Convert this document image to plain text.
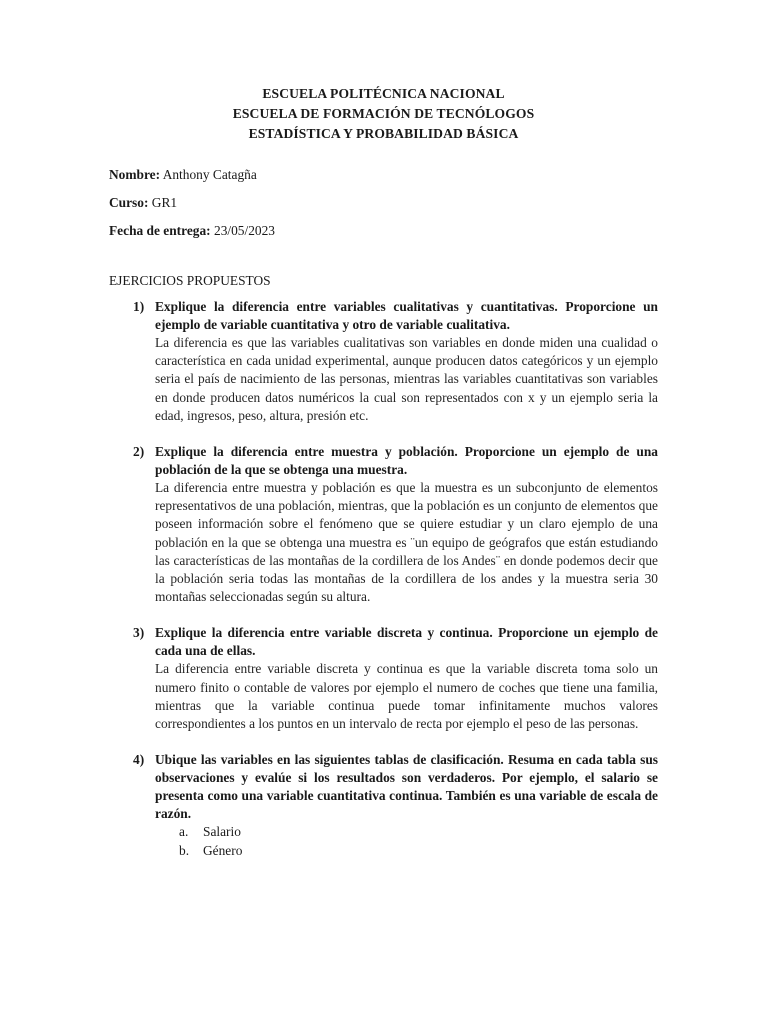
ESCUELA POLITÉCNICA NACIONAL
ESCUELA DE FORMACIÓN DE TECNÓLOGOS
ESTADÍSTICA Y PROBABILIDAD BÁSICA
Nombre: Anthony Catagña
Curso: GR1
Fecha de entrega: 23/05/2023
EJERCICIOS PROPUESTOS
1) Explique la diferencia entre variables cualitativas y cuantitativas. Proporcione un ejemplo de variable cuantitativa y otro de variable cualitativa.
La diferencia es que las variables cualitativas son variables en donde miden una cualidad o característica en cada unidad experimental, aunque producen datos categóricos y un ejemplo seria el país de nacimiento de las personas, mientras las variables cuantitativas son variables en donde producen datos numéricos la cual son representados con x y un ejemplo seria la edad, ingresos, peso, altura, presión etc.
2) Explique la diferencia entre muestra y población. Proporcione un ejemplo de una población de la que se obtenga una muestra.
La diferencia entre muestra y población es que la muestra es un subconjunto de elementos representativos de una población, mientras, que la población es un conjunto de elementos que poseen información sobre el fenómeno que se quiere estudiar y un claro ejemplo de una población en la que se obtenga una muestra es ¨un equipo de geógrafos que están estudiando las características de las montañas de la cordillera de los Andes¨ en donde podemos decir que la población seria todas las montañas de la cordillera de los andes y la muestra seria 30 montañas seleccionadas según su altura.
3) Explique la diferencia entre variable discreta y continua. Proporcione un ejemplo de cada una de ellas.
La diferencia entre variable discreta y continua es que la variable discreta toma solo un numero finito o contable de valores por ejemplo el numero de coches que tiene una familia, mientras que la variable continua puede tomar infinitamente muchos valores correspondientes a los puntos en un intervalo de recta por ejemplo el peso de las personas.
4) Ubique las variables en las siguientes tablas de clasificación. Resuma en cada tabla sus observaciones y evalúe si los resultados son verdaderos. Por ejemplo, el salario se presenta como una variable cuantitativa continua. También es una variable de escala de razón.
a. Salario
b. Género
